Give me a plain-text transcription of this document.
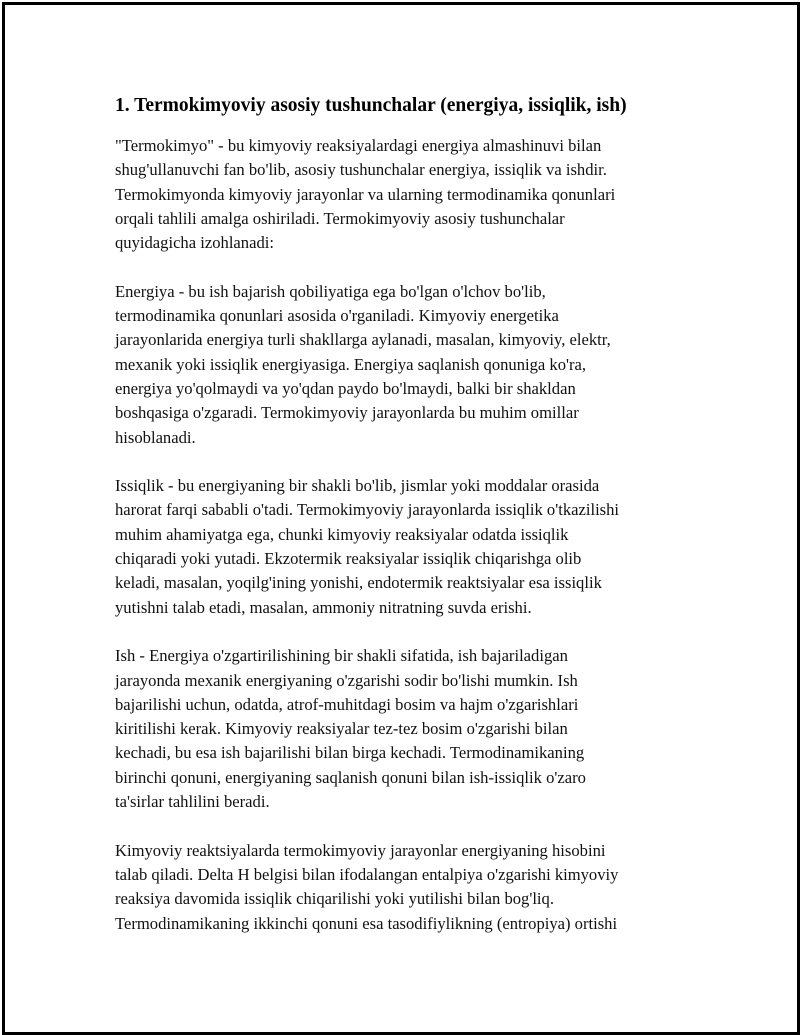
1. Termokimyoviy asosiy tushunchalar (energiya, issiqlik, ish)
"Termokimyo" - bu kimyoviy reaksiyalardagi energiya almashinuvi bilan
shug'ullanuvchi fan bo'lib, asosiy tushunchalar energiya, issiqlik va ishdir.
Termokimyonda kimyoviy jarayonlar va ularning termodinamika qonunlari
orqali tahlili amalga oshiriladi. Termokimyoviy asosiy tushunchalar
quyidagicha izohlanadi:
Energiya - bu ish bajarish qobiliyatiga ega bo'lgan o'lchov bo'lib,
termodinamika qonunlari asosida o'rganiladi. Kimyoviy energetika
jarayonlarida energiya turli shakllarga aylanadi, masalan, kimyoviy, elektr,
mexanik yoki issiqlik energiyasiga. Energiya saqlanish qonuniga ko'ra,
energiya yo'qolmaydi va yo'qdan paydo bo'lmaydi, balki bir shakldan
boshqasiga o'zgaradi. Termokimyoviy jarayonlarda bu muhim omillar
hisoblanadi.
Issiqlik - bu energiyaning bir shakli bo'lib, jismlar yoki moddalar orasida
harorat farqi sababli o'tadi. Termokimyoviy jarayonlarda issiqlik o'tkazilishi
muhim ahamiyatga ega, chunki kimyoviy reaksiyalar odatda issiqlik
chiqaradi yoki yutadi. Ekzotermik reaksiyalar issiqlik chiqarishga olib
keladi, masalan, yoqilg'ining yonishi, endotermik reaktsiyalar esa issiqlik
yutishni talab etadi, masalan, ammoniy nitratning suvda erishi.
Ish - Energiya o'zgartirilishining bir shakli sifatida, ish bajariladigan
jarayonda mexanik energiyaning o'zgarishi sodir bo'lishi mumkin. Ish
bajarilishi uchun, odatda, atrof-muhitdagi bosim va hajm o'zgarishlari
kiritilishi kerak. Kimyoviy reaksiyalar tez-tez bosim o'zgarishi bilan
kechadi, bu esa ish bajarilishi bilan birga kechadi. Termodinamikaning
birinchi qonuni, energiyaning saqlanish qonuni bilan ish-issiqlik o'zaro
ta'sirlar tahlilini beradi.
Kimyoviy reaktsiyalarda termokimyoviy jarayonlar energiyaning hisobini
talab qiladi. Delta H belgisi bilan ifodalangan entalpiya o'zgarishi kimyoviy
reaksiya davomida issiqlik chiqarilishi yoki yutilishi bilan bog'liq.
Termodinamikaning ikkinchi qonuni esa tasodifiylikning (entropiya) ortishi
